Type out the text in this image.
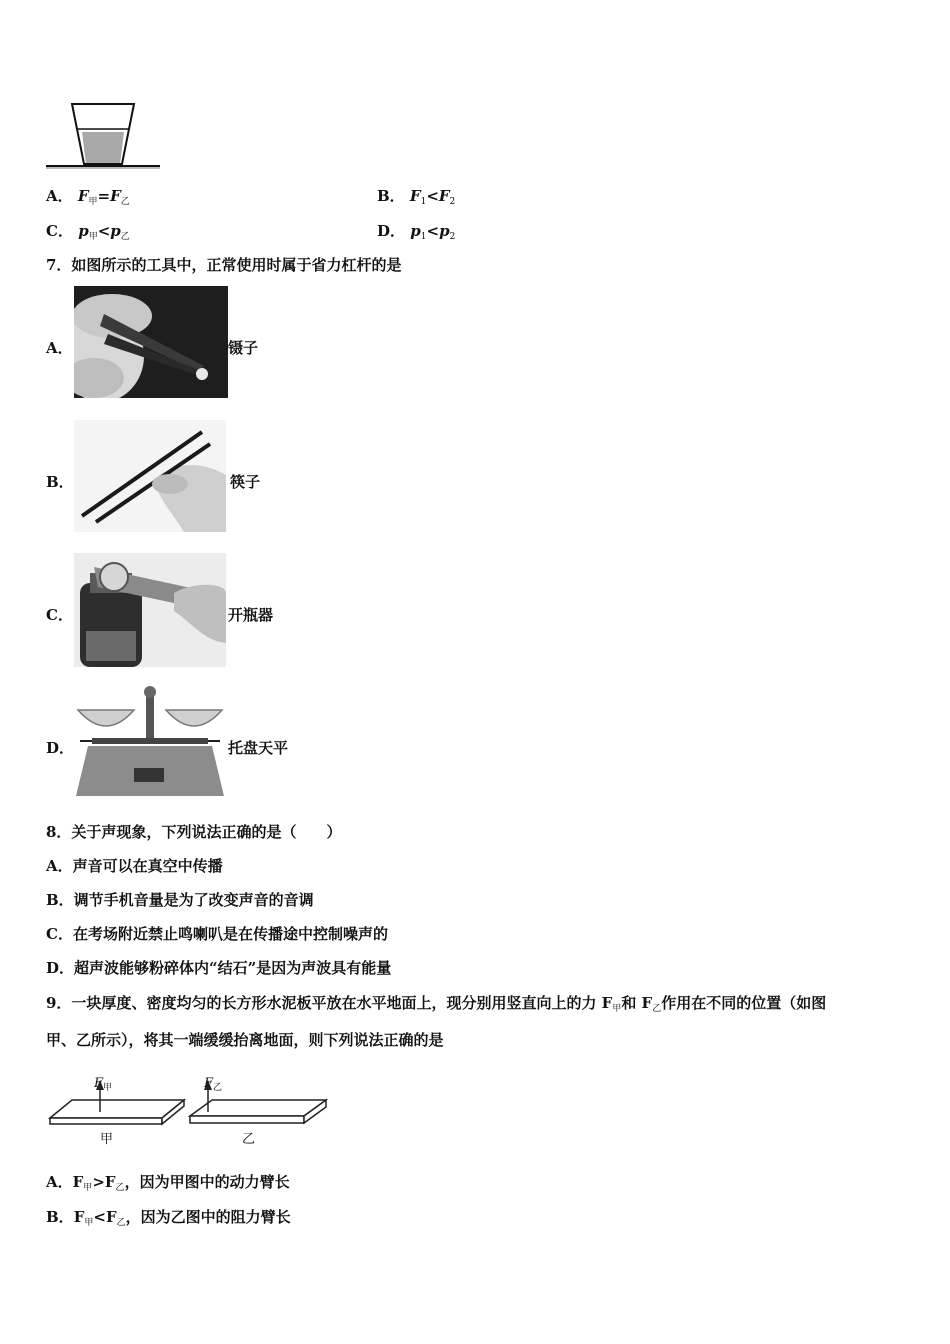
A． $F_甲=F_乙$	B． $F_1<F_2$
C． $p_甲<p_乙$	D． $p_1<p_2$
7．如图所示的工具中，正常使用时属于省力杠杆的是
A．	镊子
B．	筷子
C．	开瓶器
D．	托盘天平
8．关于声现象，下列说法正确的是（　　）
A．声音可以在真空中传播
B．调节手机音量是为了改变声音的音调
C．在考场附近禁止鸣喇叭是在传播途中控制噪声的
D．超声波能够粉碎体内“结石”是因为声波具有能量
9．一块厚度、密度均匀的长方形水泥板平放在水平地面上，现分别用竖直向上的力 $F_甲$和 $F_乙$作用在不同的位置（如图
甲、乙所示），将其一端缓缓抬离地面，则下列说法正确的是
$F_甲$	$F_乙$
甲	乙
A．$F_甲>F_乙$，因为甲图中的动力臂长
B．$F_甲<F_乙$，因为乙图中的阻力臂长
